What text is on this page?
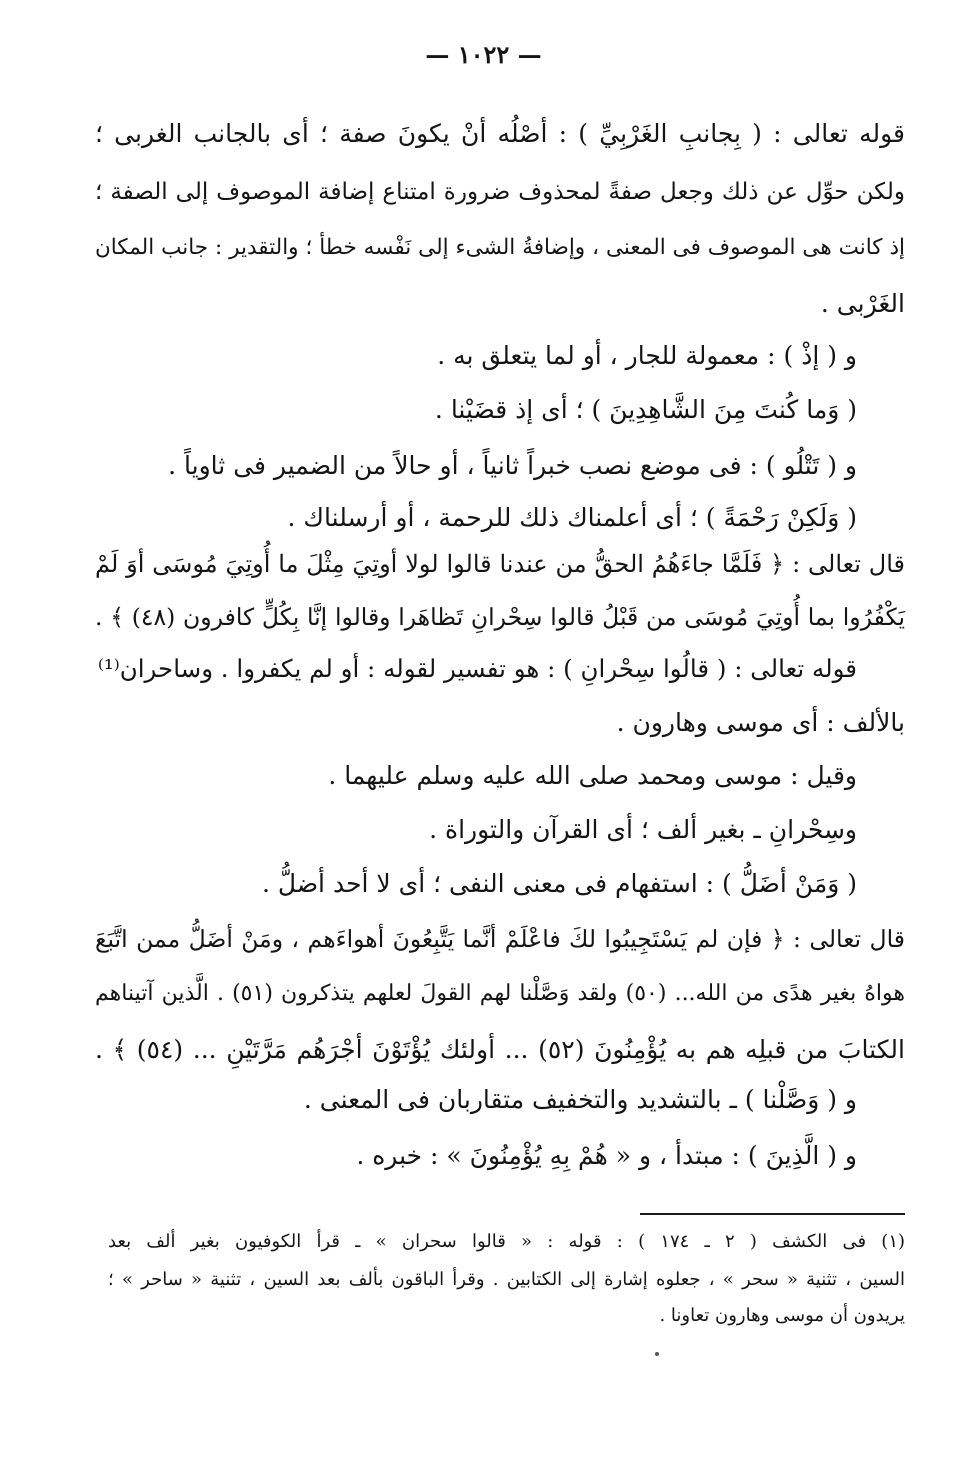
— ١٠٢٢ —
قوله تعالى : ( بِجانبِ الغَرْبِيِّ ) : أصْلُه أنْ يكونَ صفة ؛ أى بالجانب الغربى ؛
ولكن حوِّل عن ذلك وجعل صفةً لمحذوف ضرورة امتناع إضافة الموصوف إلى الصفة ؛
إذ كانت هى الموصوف فى المعنى ، وإضافةُ الشىء إلى نَفْسه خطأ ؛ والتقدير : جانب المكان
الغَرْبى .
و ( إذْ ) : معمولة للجار ، أو لما يتعلق به .
( وَما كُنتَ مِنَ الشَّاهِدِينَ ) ؛ أى إذ قضَيْنا .
و ( تَتْلُو ) : فى موضع نصب خبراً ثانياً ، أو حالاً من الضمير فى ثاوياً .
( وَلَكِنْ رَحْمَةً ) ؛ أى أعلمناك ذلك للرحمة ، أو أرسلناك .
قال تعالى : ﴿ فَلَمَّا جاءَهُمُ الحقُّ من عندنا قالوا لولا أوتِيَ مِثْلَ ما أُوتِيَ مُوسَى أوَ لَمْ
يَكْفُرُوا بما أُوتِيَ مُوسَى من قَبْلُ قالوا سِحْرانِ تَظاهَرا وقالوا إنَّا بِكُلٍّ كافرون (٤٨) ﴾ .
قوله تعالى : ( قالُوا سِحْرانِ ) : هو تفسير لقوله : أو لم يكفروا . وساحران⁽¹⁾
بالألف : أى موسى وهارون .
وقيل : موسى ومحمد صلى الله عليه وسلم عليهما .
وسِحْرانِ ـ بغير ألف ؛ أى القرآن والتوراة .
( وَمَنْ أضَلُّ ) : استفهام فى معنى النفى ؛ أى لا أحد أضلُّ .
قال تعالى : ﴿ فإن لم يَسْتَجِيبُوا لكَ فاعْلَمْ أنَّما يَتَّبِعُونَ أهواءَهم ، ومَنْ أضَلُّ ممن اتَّبَعَ
هواهُ بغير هدًى من الله... (٥٠) ولقد وَصَّلْنا لهم القولَ لعلهم يتذكرون (٥١) . الَّذين آتيناهم
الكتابَ من قبلِه هم به يُؤْمِنُونَ (٥٢) ... أولئك يُؤْتَوْنَ أجْرَهُم مَرَّتَيْنِ ... (٥٤) ﴾ .
و ( وَصَّلْنا ) ـ بالتشديد والتخفيف متقاربان فى المعنى .
و ( الَّذِينَ ) : مبتدأ ، و « هُمْ بِهِ يُؤْمِنُونَ » : خبره .
(١) فى الكشف ( ٢ ـ ١٧٤ ) : قوله : « قالوا سحران » ـ قرأ الكوفيون بغير ألف بعد
السين ، تثنية « سحر » ، جعلوه إشارة إلى الكتابين . وقرأ الباقون بألف بعد السين ، تثنية « ساحر » ؛
يريدون أن موسى وهارون تعاونا .
